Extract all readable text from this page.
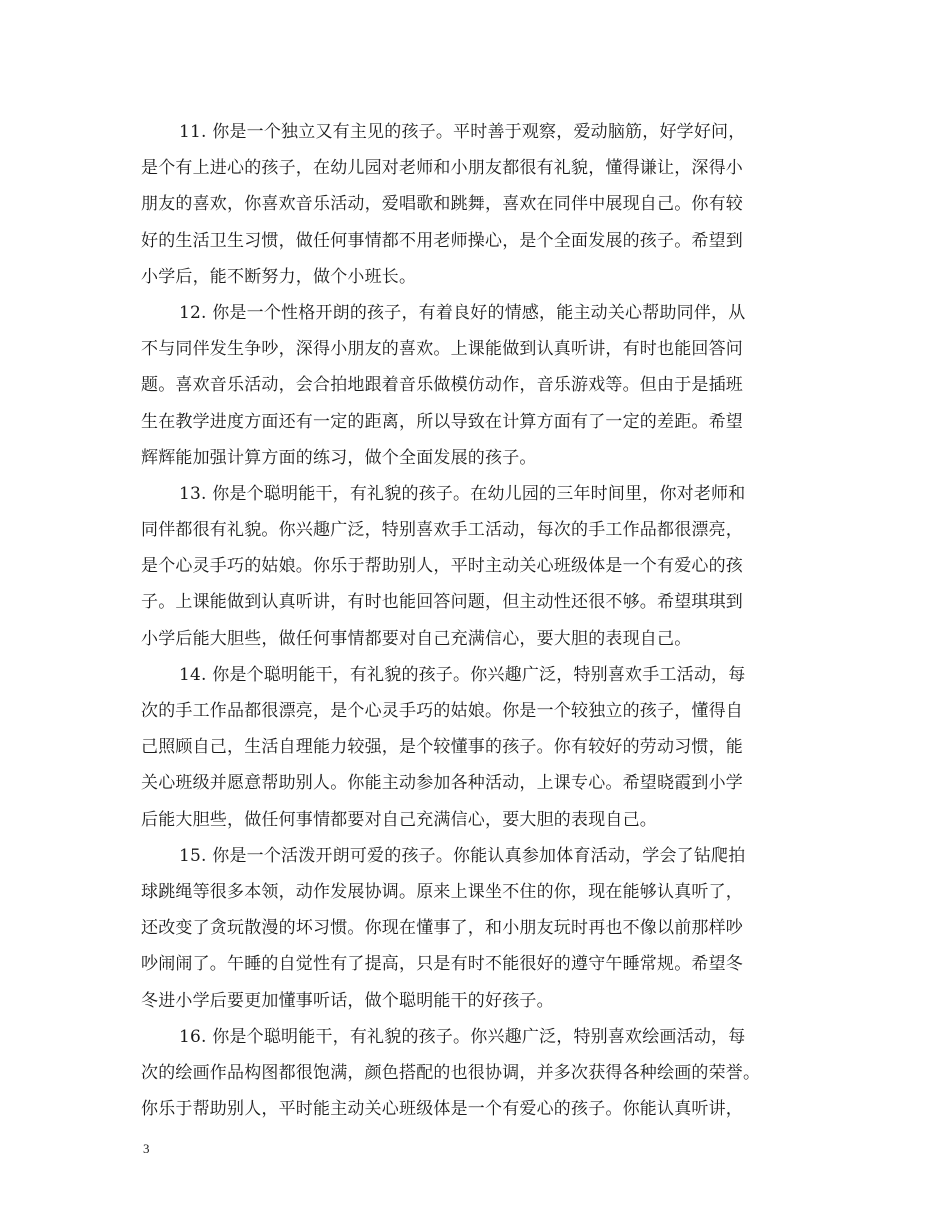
11. 你是一个独立又有主见的孩子。平时善于观察，爱动脑筋，好学好问，
是个有上进心的孩子，在幼儿园对老师和小朋友都很有礼貌，懂得谦让，深得小
朋友的喜欢，你喜欢音乐活动，爱唱歌和跳舞，喜欢在同伴中展现自己。你有较
好的生活卫生习惯，做任何事情都不用老师操心，是个全面发展的孩子。希望到
小学后，能不断努力，做个小班长。
12. 你是一个性格开朗的孩子，有着良好的情感，能主动关心帮助同伴，从
不与同伴发生争吵，深得小朋友的喜欢。上课能做到认真听讲，有时也能回答问
题。喜欢音乐活动，会合拍地跟着音乐做模仿动作，音乐游戏等。但由于是插班
生在教学进度方面还有一定的距离，所以导致在计算方面有了一定的差距。希望
辉辉能加强计算方面的练习，做个全面发展的孩子。
13. 你是个聪明能干，有礼貌的孩子。在幼儿园的三年时间里，你对老师和
同伴都很有礼貌。你兴趣广泛，特别喜欢手工活动，每次的手工作品都很漂亮，
是个心灵手巧的姑娘。你乐于帮助别人，平时主动关心班级体是一个有爱心的孩
子。上课能做到认真听讲，有时也能回答问题，但主动性还很不够。希望琪琪到
小学后能大胆些，做任何事情都要对自己充满信心，要大胆的表现自己。
14. 你是个聪明能干，有礼貌的孩子。你兴趣广泛，特别喜欢手工活动，每
次的手工作品都很漂亮，是个心灵手巧的姑娘。你是一个较独立的孩子，懂得自
己照顾自己，生活自理能力较强，是个较懂事的孩子。你有较好的劳动习惯，能
关心班级并愿意帮助别人。你能主动参加各种活动，上课专心。希望晓霞到小学
后能大胆些，做任何事情都要对自己充满信心，要大胆的表现自己。
15. 你是一个活泼开朗可爱的孩子。你能认真参加体育活动，学会了钻爬拍
球跳绳等很多本领，动作发展协调。原来上课坐不住的你，现在能够认真听了，
还改变了贪玩散漫的坏习惯。你现在懂事了，和小朋友玩时再也不像以前那样吵
吵闹闹了。午睡的自觉性有了提高，只是有时不能很好的遵守午睡常规。希望冬
冬进小学后要更加懂事听话，做个聪明能干的好孩子。
16. 你是个聪明能干，有礼貌的孩子。你兴趣广泛，特别喜欢绘画活动，每
次的绘画作品构图都很饱满，颜色搭配的也很协调，并多次获得各种绘画的荣誉。
你乐于帮助别人，平时能主动关心班级体是一个有爱心的孩子。你能认真听讲，
3
